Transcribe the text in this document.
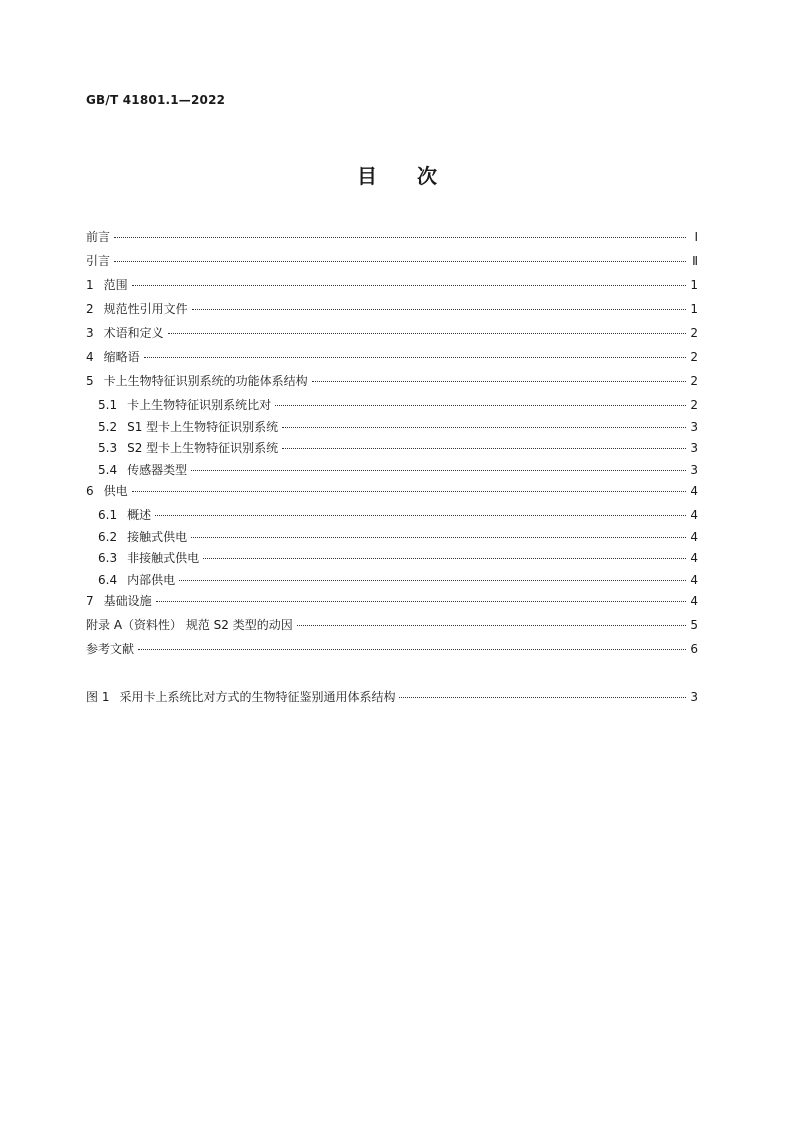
GB/T 41801.1—2022
目次
前言	Ⅰ
引言	Ⅱ
1 范围	1
2 规范性引用文件	1
3 术语和定义	2
4 缩略语	2
5 卡上生物特征识别系统的功能体系结构	2
5.1 卡上生物特征识别系统比对	2
5.2 S1 型卡上生物特征识别系统	3
5.3 S2 型卡上生物特征识别系统	3
5.4 传感器类型	3
6 供电	4
6.1 概述	4
6.2 接触式供电	4
6.3 非接触式供电	4
6.4 内部供电	4
7 基础设施	4
附录 A（资料性） 规范 S2 类型的动因	5
参考文献	6
图 1 采用卡上系统比对方式的生物特征鉴别通用体系结构	3
